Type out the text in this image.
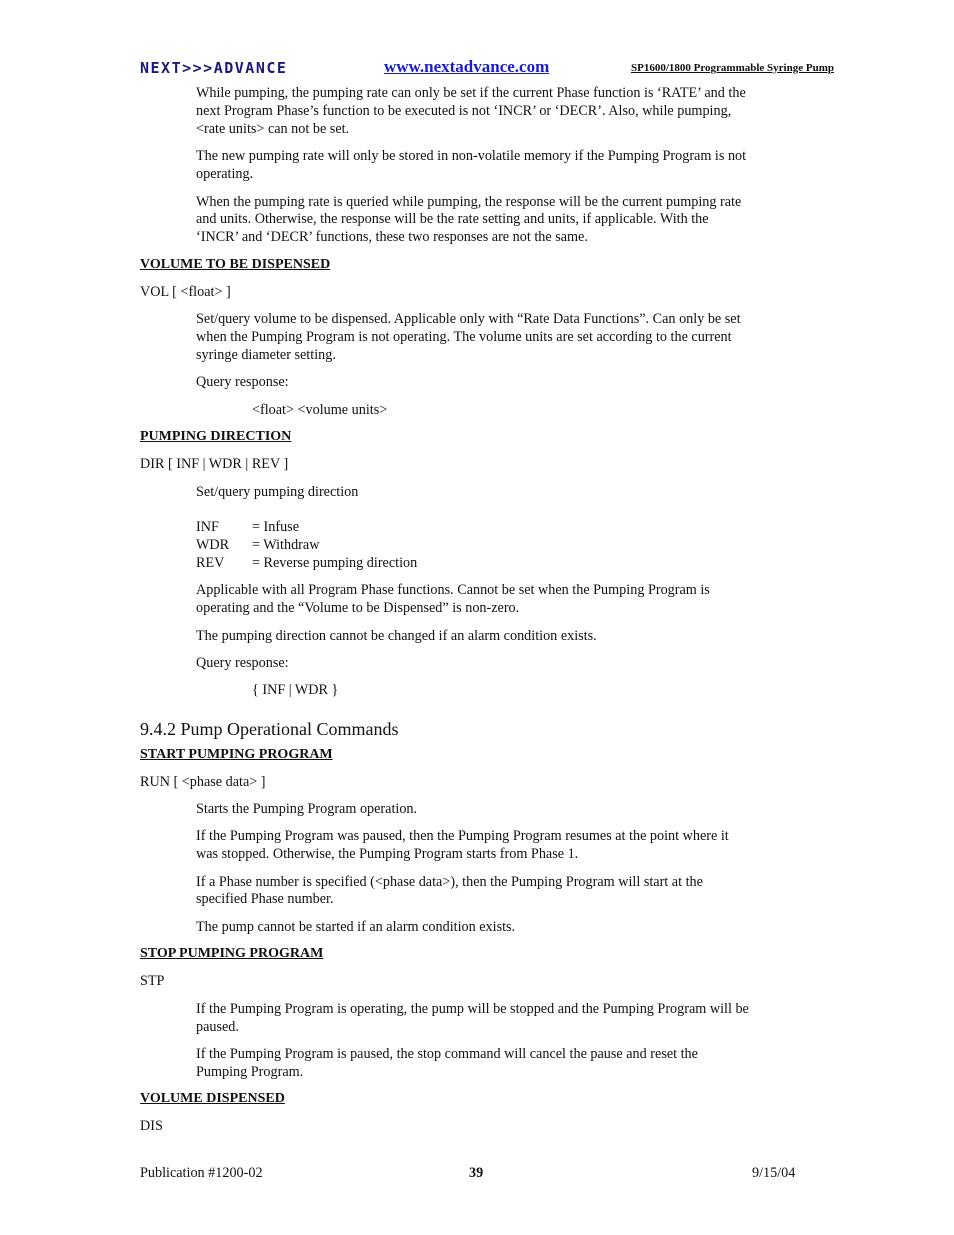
NEXT>>>ADVANCE	www.nextadvance.com	SP1600/1800 Programmable Syringe Pump
While pumping, the pumping rate can only be set if the current Phase function is ‘RATE’ and the
next Program Phase’s function to be executed is not ‘INCR’ or ‘DECR’. Also, while pumping,
<rate units> can not be set.
The new pumping rate will only be stored in non-volatile memory if the Pumping Program is not
operating.
When the pumping rate is queried while pumping, the response will be the current pumping rate
and units. Otherwise, the response will be the rate setting and units, if applicable. With the
‘INCR’ and ‘DECR’ functions, these two responses are not the same.
VOLUME TO BE DISPENSED
VOL [ <float> ]
Set/query volume to be dispensed. Applicable only with “Rate Data Functions”. Can only be set
when the Pumping Program is not operating. The volume units are set according to the current
syringe diameter setting.
Query response:
<float> <volume units>
PUMPING DIRECTION
DIR [ INF | WDR | REV ]
Set/query pumping direction
INF = Infuse
WDR = Withdraw
REV = Reverse pumping direction
Applicable with all Program Phase functions. Cannot be set when the Pumping Program is
operating and the “Volume to be Dispensed” is non-zero.
The pumping direction cannot be changed if an alarm condition exists.
Query response:
{ INF | WDR }
9.4.2 Pump Operational Commands
START PUMPING PROGRAM
RUN [ <phase data> ]
Starts the Pumping Program operation.
If the Pumping Program was paused, then the Pumping Program resumes at the point where it
was stopped. Otherwise, the Pumping Program starts from Phase 1.
If a Phase number is specified (<phase data>), then the Pumping Program will start at the
specified Phase number.
The pump cannot be started if an alarm condition exists.
STOP PUMPING PROGRAM
STP
If the Pumping Program is operating, the pump will be stopped and the Pumping Program will be
paused.
If the Pumping Program is paused, the stop command will cancel the pause and reset the
Pumping Program.
VOLUME DISPENSED
DIS
Publication #1200-02	39	9/15/04
